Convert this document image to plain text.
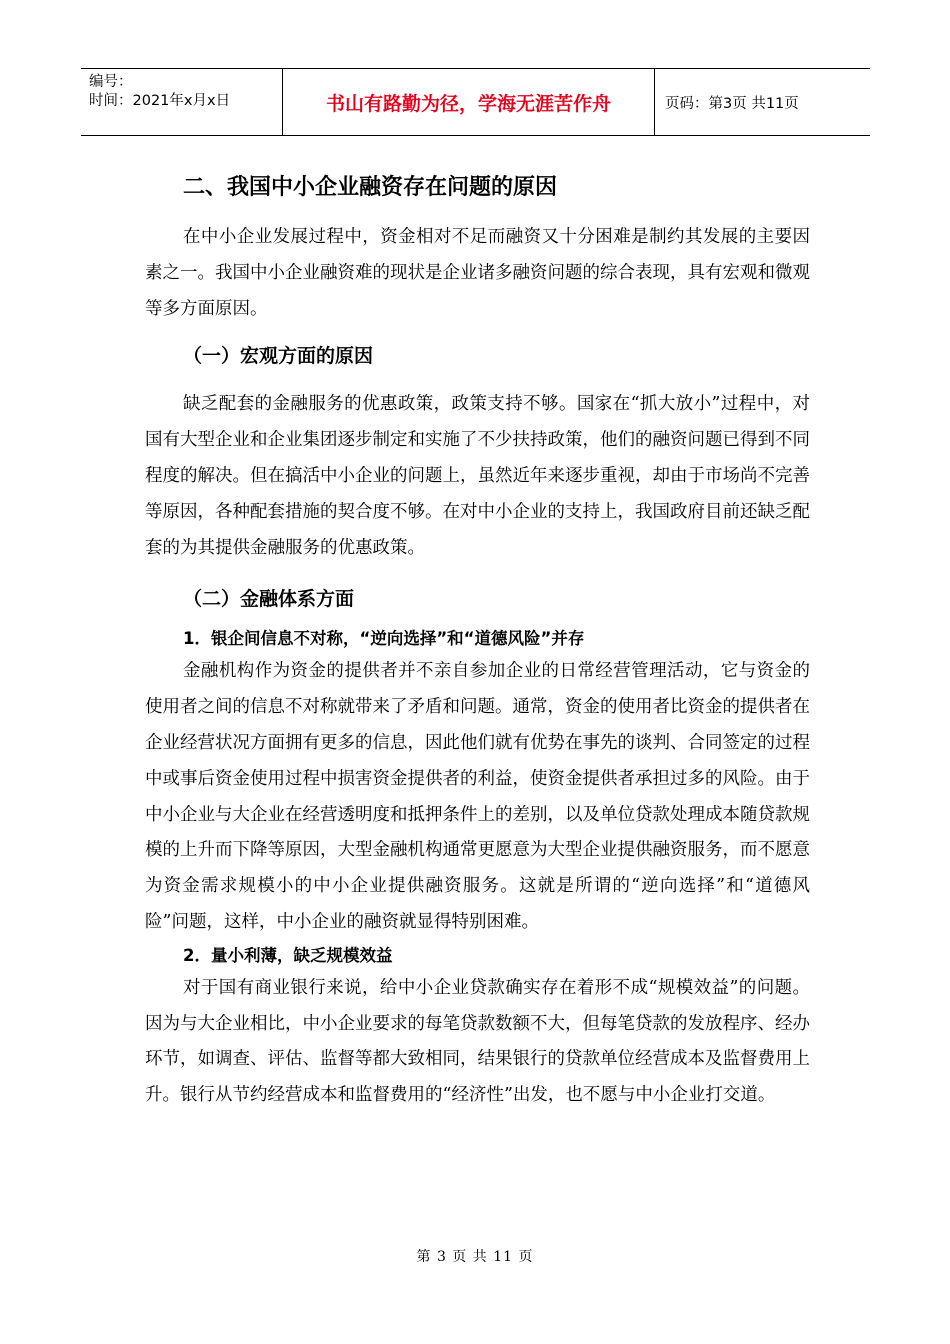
编号：
时间：2021年x月x日	书山有路勤为径，学海无涯苦作舟	页码：第3页 共11页
二、我国中小企业融资存在问题的原因

在中小企业发展过程中，资金相对不足而融资又十分困难是制约其发展的主要因素之一。我国中小企业融资难的现状是企业诸多融资问题的综合表现，具有宏观和微观等多方面原因。

（一）宏观方面的原因

缺乏配套的金融服务的优惠政策，政策支持不够。国家在“抓大放小”过程中，对国有大型企业和企业集团逐步制定和实施了不少扶持政策，他们的融资问题已得到不同程度的解决。但在搞活中小企业的问题上，虽然近年来逐步重视，却由于市场尚不完善等原因，各种配套措施的契合度不够。在对中小企业的支持上，我国政府目前还缺乏配套的为其提供金融服务的优惠政策。

（二）金融体系方面
1．银企间信息不对称，“逆向选择”和“道德风险”并存

金融机构作为资金的提供者并不亲自参加企业的日常经营管理活动，它与资金的使用者之间的信息不对称就带来了矛盾和问题。通常，资金的使用者比资金的提供者在企业经营状况方面拥有更多的信息，因此他们就有优势在事先的谈判、合同签定的过程中或事后资金使用过程中损害资金提供者的利益，使资金提供者承担过多的风险。由于中小企业与大企业在经营透明度和抵押条件上的差别，以及单位贷款处理成本随贷款规模的上升而下降等原因，大型金融机构通常更愿意为大型企业提供融资服务，而不愿意为资金需求规模小的中小企业提供融资服务。这就是所谓的“逆向选择”和“道德风险”问题，这样，中小企业的融资就显得特别困难。

2．量小利薄，缺乏规模效益

对于国有商业银行来说，给中小企业贷款确实存在着形不成“规模效益”的问题。因为与大企业相比，中小企业要求的每笔贷款数额不大，但每笔贷款的发放程序、经办环节，如调查、评估、监督等都大致相同，结果银行的贷款单位经营成本及监督费用上升。银行从节约经营成本和监督费用的“经济性”出发，也不愿与中小企业打交道。

第 3 页 共 11 页
